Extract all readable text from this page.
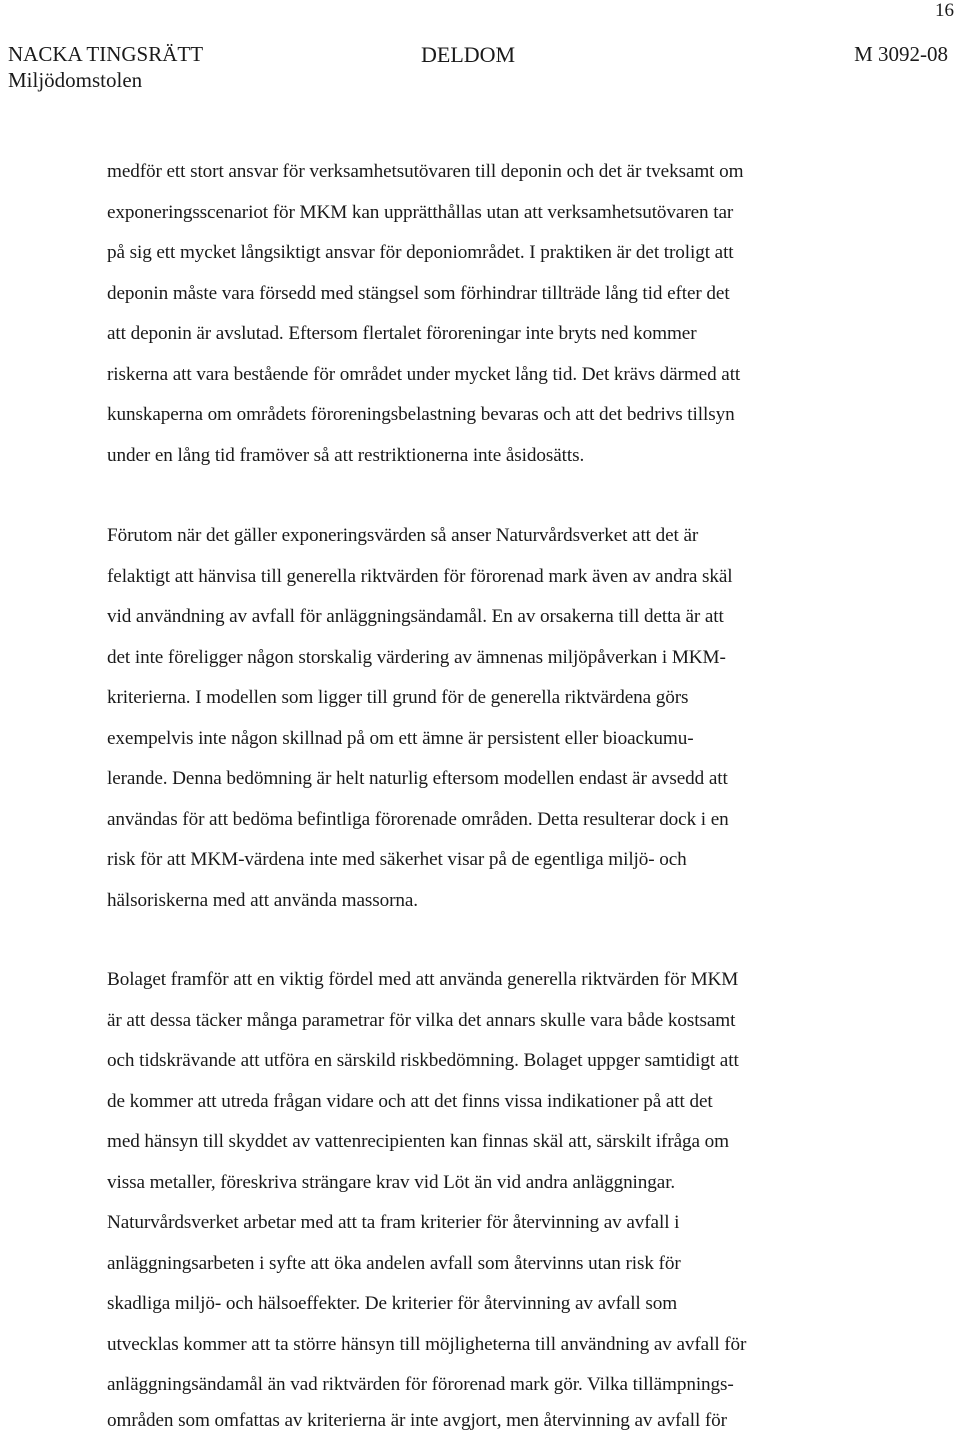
16
NACKA TINGSRÄTT
Miljödomstolen
DELDOM	M 3092-08
medför ett stort ansvar för verksamhetsutövaren till deponin och det är tveksamt om
exponeringsscenariot för MKM kan upprätthållas utan att verksamhetsutövaren tar
på sig ett mycket långsiktigt ansvar för deponiområdet. I praktiken är det troligt att
deponin måste vara försedd med stängsel som förhindrar tillträde lång tid efter det
att deponin är avslutad. Eftersom flertalet föroreningar inte bryts ned kommer
riskerna att vara bestående för området under mycket lång tid. Det krävs därmed att
kunskaperna om områdets föroreningsbelastning bevaras och att det bedrivs tillsyn
under en lång tid framöver så att restriktionerna inte åsidosätts.
Förutom när det gäller exponeringsvärden så anser Naturvårdsverket att det är
felaktigt att hänvisa till generella riktvärden för förorenad mark även av andra skäl
vid användning av avfall för anläggningsändamål. En av orsakerna till detta är att
det inte föreligger någon storskalig värdering av ämnenas miljöpåverkan i MKM-
kriterierna. I modellen som ligger till grund för de generella riktvärdena görs
exempelvis inte någon skillnad på om ett ämne är persistent eller bioackumu-
lerande. Denna bedömning är helt naturlig eftersom modellen endast är avsedd att
användas för att bedöma befintliga förorenade områden. Detta resulterar dock i en
risk för att MKM-värdena inte med säkerhet visar på de egentliga miljö- och
hälsoriskerna med att använda massorna.
Bolaget framför att en viktig fördel med att använda generella riktvärden för MKM
är att dessa täcker många parametrar för vilka det annars skulle vara både kostsamt
och tidskrävande att utföra en särskild riskbedömning. Bolaget uppger samtidigt att
de kommer att utreda frågan vidare och att det finns vissa indikationer på att det
med hänsyn till skyddet av vattenrecipienten kan finnas skäl att, särskilt ifråga om
vissa metaller, föreskriva strängare krav vid Löt än vid andra anläggningar.
Naturvårdsverket arbetar med att ta fram kriterier för återvinning av avfall i
anläggningsarbeten i syfte att öka andelen avfall som återvinns utan risk för
skadliga miljö- och hälsoeffekter. De kriterier för återvinning av avfall som
utvecklas kommer att ta större hänsyn till möjligheterna till användning av avfall för
anläggningsändamål än vad riktvärden för förorenad mark gör. Vilka tillämpnings-
områden som omfattas av kriterierna är inte avgjort, men återvinning av avfall för
